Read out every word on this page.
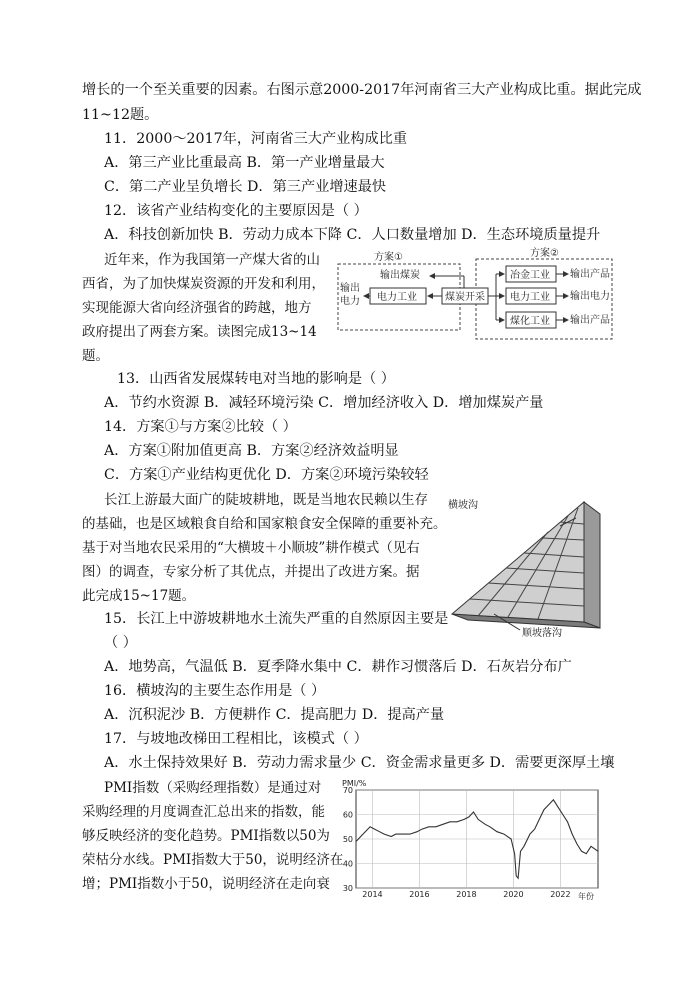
增长的一个至关重要的因素。右图示意2000-2017年河南省三大产业构成比重。据此完成
11~12题。
11．2000～2017年，河南省三大产业构成比重
A．第三产业比重最高 B．第一产业增量最大
C．第二产业呈负增长 D．第三产业增速最快
12．该省产业结构变化的主要原因是（ ）
A．科技创新加快 B．劳动力成本下降 C．人口数量增加 D．生态环境质量提升
近年来，作为我国第一产煤大省的山
西省，为了加快煤炭资源的开发和利用，
实现能源大省向经济强省的跨越，地方
政府提出了两套方案。读图完成13~14
题。
方案①	方案②
输出煤炭
输出
电力 电力工业	煤炭开采
冶金工业
电力工业
煤化工业
输出产品
输出电力
输出产品
13．山西省发展煤转电对当地的影响是（ ）
A．节约水资源 B．减轻环境污染 C．增加经济收入 D．增加煤炭产量
14．方案①与方案②比较（ ）
A．方案①附加值更高 B．方案②经济效益明显
C．方案①产业结构更优化 D．方案②环境污染较轻
长江上游最大面广的陡坡耕地，既是当地农民赖以生存
的基础，也是区域粮食自给和国家粮食安全保障的重要补充。
基于对当地农民采用的“大横坡＋小顺坡”耕作模式（见右
图）的调查，专家分析了其优点，并提出了改进方案。据
此完成15~17题。
横坡沟
顺坡落沟
15．长江上中游坡耕地水土流失严重的自然原因主要是
（ ）
A．地势高，气温低 B．夏季降水集中 C．耕作习惯落后 D．石灰岩分布广
16．横坡沟的主要生态作用是（ ）
A．沉积泥沙 B．方便耕作 C．提高肥力 D．提高产量
17．与坡地改梯田工程相比，该模式（ ）
A．水土保持效果好 B．劳动力需求量少 C．资金需求量更多 D．需要更深厚土壤
PMI指数（采购经理指数）是通过对
采购经理的月度调查汇总出来的指数，能
够反映经济的变化趋势。PMI指数以50为
荣枯分水线。PMI指数大于50，说明经济在
增；PMI指数小于50，说明经济在走向衰
PMI/%
30
40
50
60
70
2014	2016	2018	2020	2022 年份
